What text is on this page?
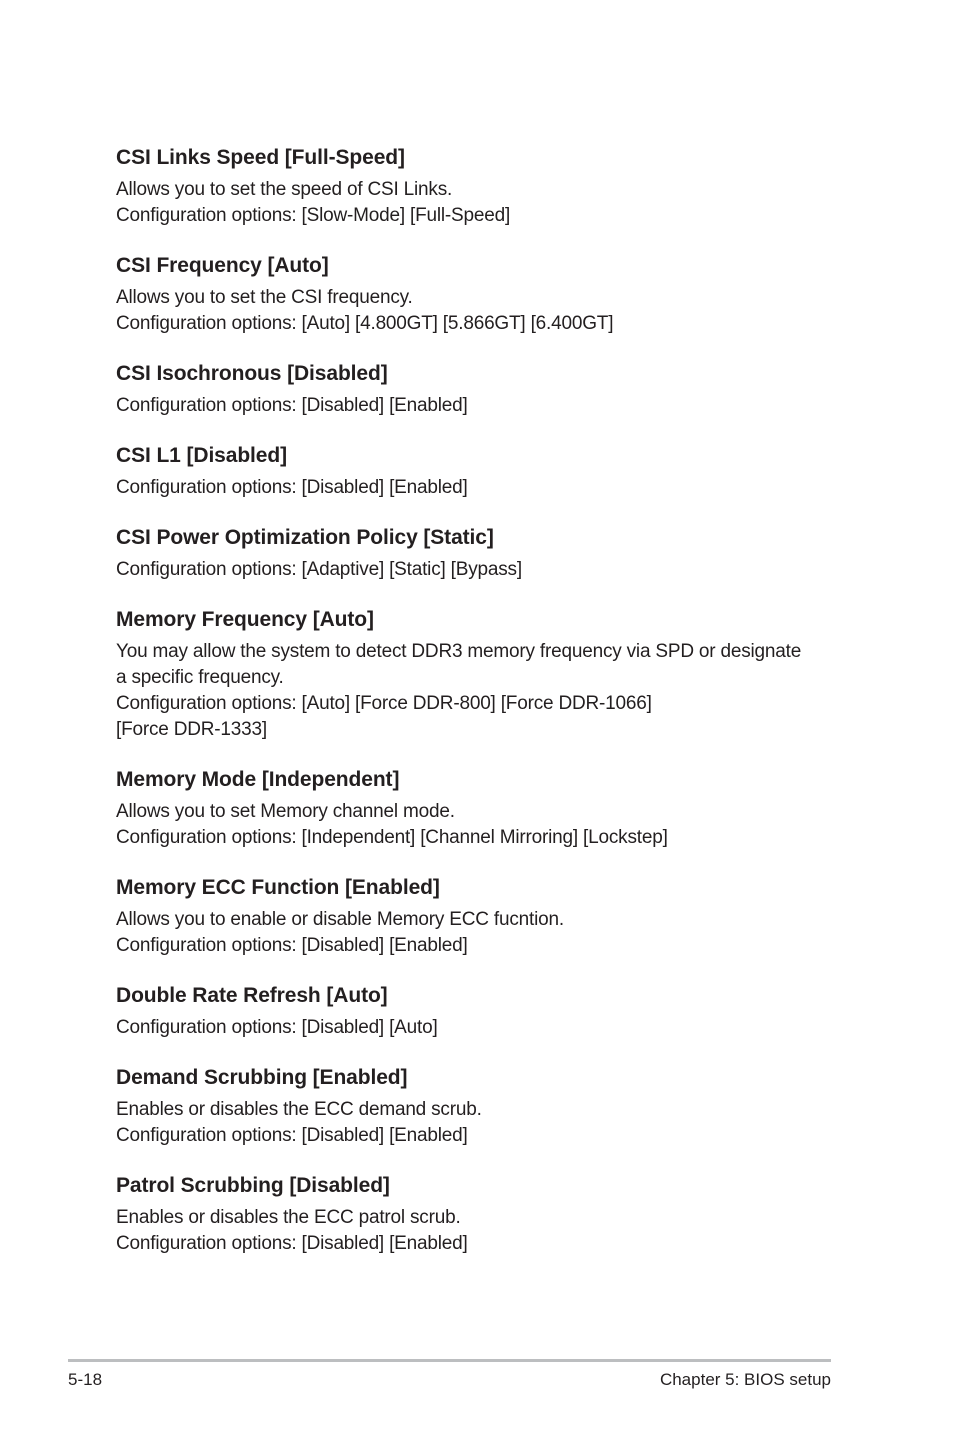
CSI Links Speed [Full-Speed]
Allows you to set the speed of CSI Links.
Configuration options: [Slow-Mode] [Full-Speed]
CSI Frequency [Auto]
Allows you to set the CSI frequency.
Configuration options: [Auto] [4.800GT] [5.866GT] [6.400GT]
CSI Isochronous [Disabled]
Configuration options: [Disabled] [Enabled]
CSI L1 [Disabled]
Configuration options: [Disabled] [Enabled]
CSI Power Optimization Policy [Static]
Configuration options: [Adaptive] [Static] [Bypass]
Memory Frequency [Auto]
You may allow the system to detect DDR3 memory frequency via SPD or designate
a specific frequency.
Configuration options: [Auto] [Force DDR-800] [Force DDR-1066]
[Force DDR-1333]
Memory Mode [Independent]
Allows you to set Memory channel mode.
Configuration options: [Independent] [Channel Mirroring] [Lockstep]
Memory ECC Function [Enabled]
Allows you to enable or disable Memory ECC fucntion.
Configuration options: [Disabled] [Enabled]
Double Rate Refresh [Auto]
Configuration options: [Disabled] [Auto]
Demand Scrubbing [Enabled]
Enables or disables the ECC demand scrub.
Configuration options: [Disabled] [Enabled]
Patrol Scrubbing [Disabled]
Enables or disables the ECC patrol scrub.
Configuration options: [Disabled] [Enabled]
5-18	Chapter 5: BIOS setup
